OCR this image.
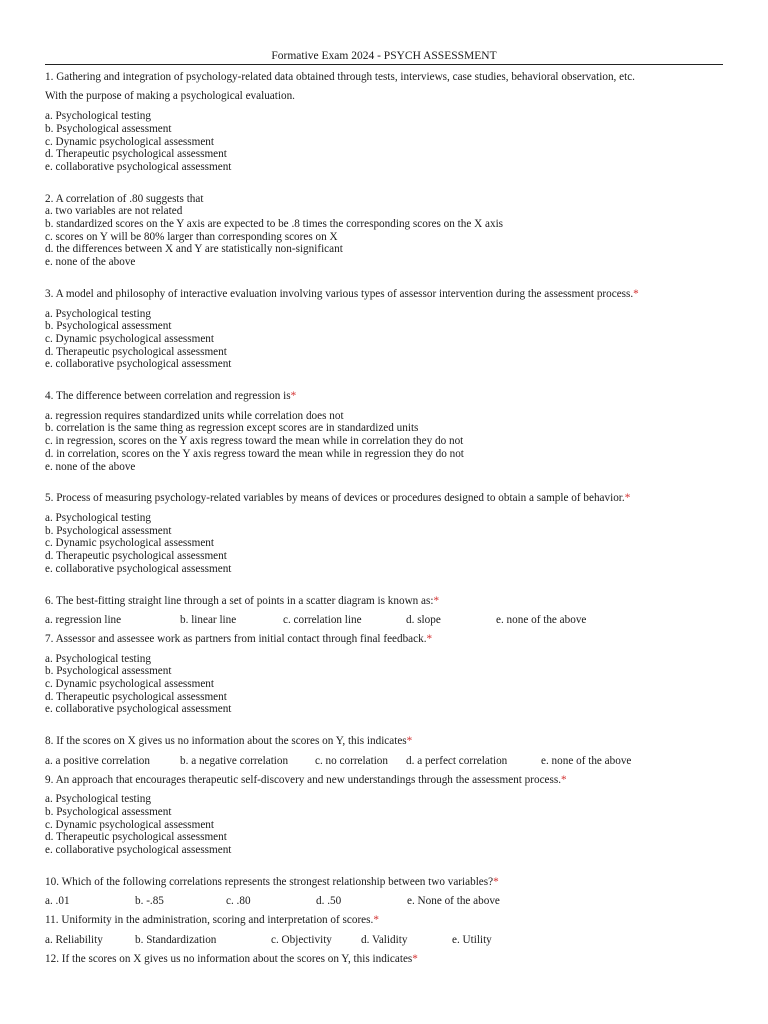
Formative Exam 2024 - PSYCH ASSESSMENT

1. Gathering and integration of psychology-related data obtained through tests, interviews, case studies, behavioral observation, etc.

With the purpose of making a psychological evaluation.

a. Psychological testing
b. Psychological assessment
c. Dynamic psychological assessment
d. Therapeutic psychological assessment
e. collaborative psychological assessment

2. A correlation of .80 suggests that

a. two variables are not related
b. standardized scores on the Y axis are expected to be .8 times the corresponding scores on the X axis
c. scores on Y will be 80% larger than corresponding scores on X
d. the differences between X and Y are statistically non-significant
e. none of the above

3. A model and philosophy of interactive evaluation involving various types of assessor intervention during the assessment process.*

a. Psychological testing
b. Psychological assessment
c. Dynamic psychological assessment
d. Therapeutic psychological assessment
e. collaborative psychological assessment

4. The difference between correlation and regression is*

a. regression requires standardized units while correlation does not
b. correlation is the same thing as regression except scores are in standardized units
c. in regression, scores on the Y axis regress toward the mean while in correlation they do not
d. in correlation, scores on the Y axis regress toward the mean while in regression they do not
e. none of the above

5. Process of measuring psychology-related variables by means of devices or procedures designed to obtain a sample of behavior.*

a. Psychological testing
b. Psychological assessment
c. Dynamic psychological assessment
d. Therapeutic psychological assessment
e. collaborative psychological assessment

6. The best-fitting straight line through a set of points in a scatter diagram is known as:*

a. regression line	b. linear line	c. correlation line	d. slope	e. none of the above

7. Assessor and assessee work as partners from initial contact through final feedback.*

a. Psychological testing
b. Psychological assessment
c. Dynamic psychological assessment
d. Therapeutic psychological assessment
e. collaborative psychological assessment

8. If the scores on X gives us no information about the scores on Y, this indicates*

a. a positive correlation	b. a negative correlation	c. no correlation	d. a perfect correlation	e. none of the above

9. An approach that encourages therapeutic self-discovery and new understandings through the assessment process.*

a. Psychological testing
b. Psychological assessment
c. Dynamic psychological assessment
d. Therapeutic psychological assessment
e. collaborative psychological assessment

10. Which of the following correlations represents the strongest relationship between two variables?*

a. .01	b. -.85	c. .80	d. .50	e. None of the above

11. Uniformity in the administration, scoring and interpretation of scores.*

a. Reliability	b. Standardization	c. Objectivity	d. Validity	e. Utility

12. If the scores on X gives us no information about the scores on Y, this indicates*
